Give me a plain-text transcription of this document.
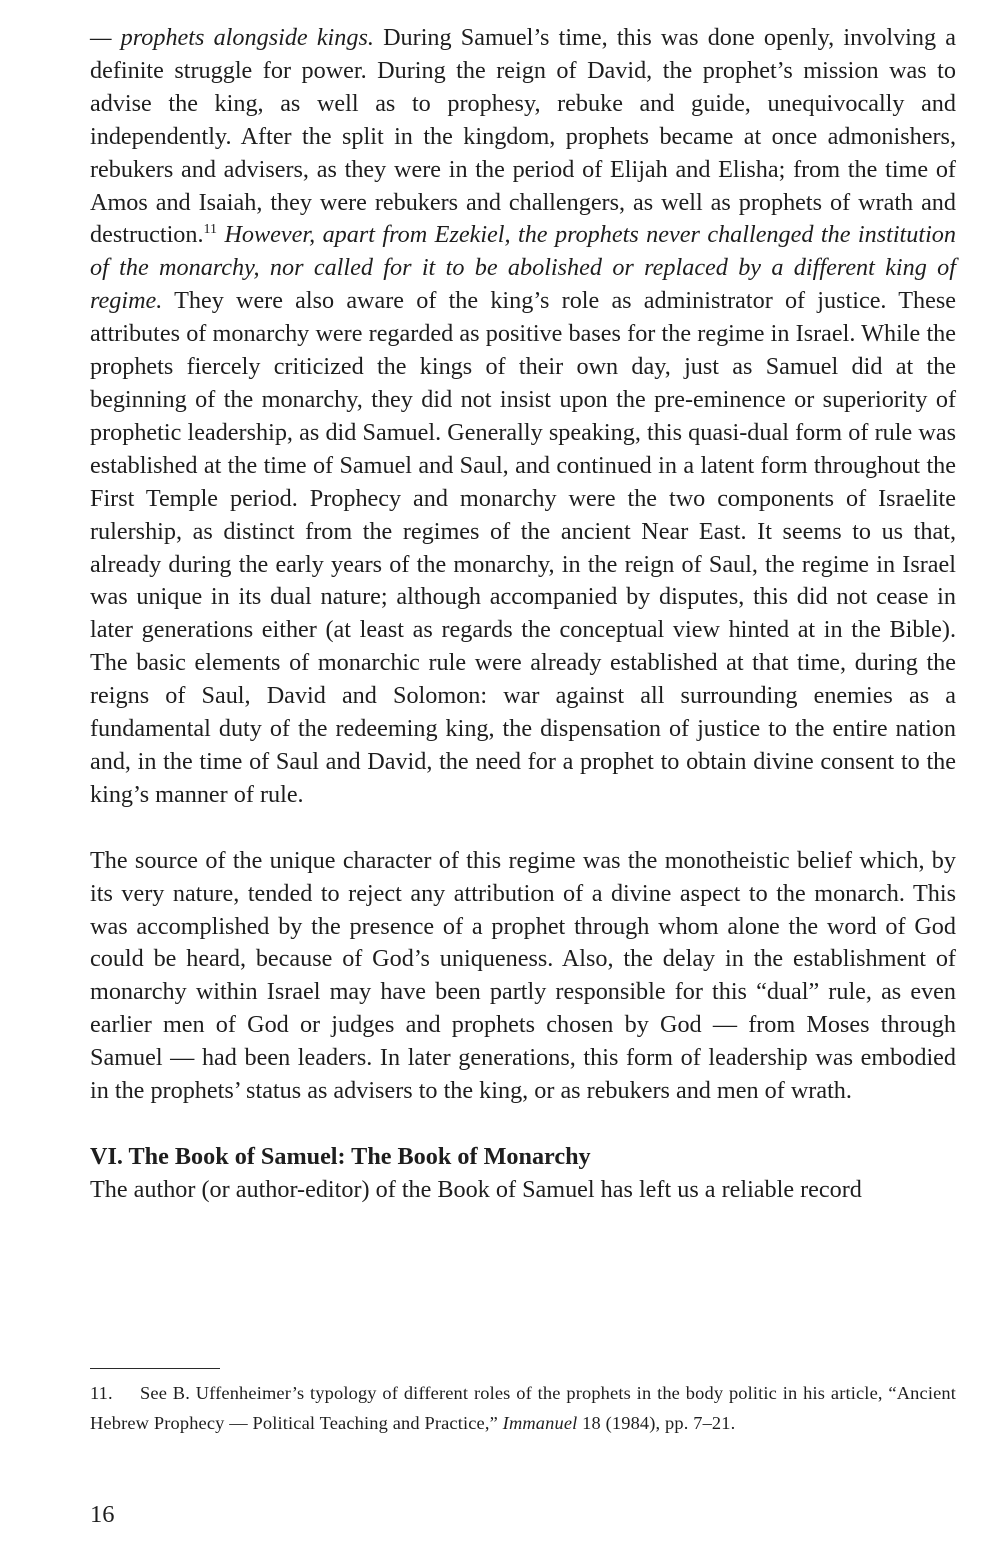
— prophets alongside kings. During Samuel’s time, this was done openly, involving a definite struggle for power. During the reign of David, the prophet’s mission was to advise the king, as well as to prophesy, rebuke and guide, unequivocally and independently. After the split in the kingdom, prophets became at once admonishers, rebukers and advisers, as they were in the period of Elijah and Elisha; from the time of Amos and Isaiah, they were rebukers and challengers, as well as prophets of wrath and destruction.$^{11}$ However, apart from Ezekiel, the prophets never challenged the institution of the monarchy, nor called for it to be abolished or replaced by a different king of regime. They were also aware of the king’s role as administrator of justice. These attributes of monarchy were regarded as positive bases for the regime in Israel. While the prophets fiercely criticized the kings of their own day, just as Samuel did at the beginning of the monarchy, they did not insist upon the pre-eminence or superiority of prophetic leadership, as did Samuel. Generally speaking, this quasi-dual form of rule was established at the time of Samuel and Saul, and continued in a latent form throughout the First Temple period. Prophecy and monarchy were the two components of Israelite rulership, as distinct from the regimes of the ancient Near East. It seems to us that, already during the early years of the monarchy, in the reign of Saul, the regime in Israel was unique in its dual nature; although accompanied by disputes, this did not cease in later generations either (at least as regards the conceptual view hinted at in the Bible). The basic elements of monarchic rule were already established at that time, during the reigns of Saul, David and Solomon: war against all surrounding enemies as a fundamental duty of the redeeming king, the dispensation of justice to the entire nation and, in the time of Saul and David, the need for a prophet to obtain divine consent to the king’s manner of rule.

The source of the unique character of this regime was the monotheistic belief which, by its very nature, tended to reject any attribution of a divine aspect to the monarch. This was accomplished by the presence of a prophet through whom alone the word of God could be heard, because of God’s uniqueness. Also, the delay in the establishment of monarchy within Israel may have been partly responsible for this “dual” rule, as even earlier men of God or judges and prophets chosen by God — from Moses through Samuel — had been leaders. In later generations, this form of leadership was embodied in the prophets’ status as advisers to the king, or as rebukers and men of wrath.

VI. The Book of Samuel: The Book of Monarchy

The author (or author-editor) of the Book of Samuel has left us a reliable record

11. See B. Uffenheimer’s typology of different roles of the prophets in the body politic in his article, “Ancient Hebrew Prophecy — Political Teaching and Practice,” Immanuel 18 (1984), pp. 7–21.

16
